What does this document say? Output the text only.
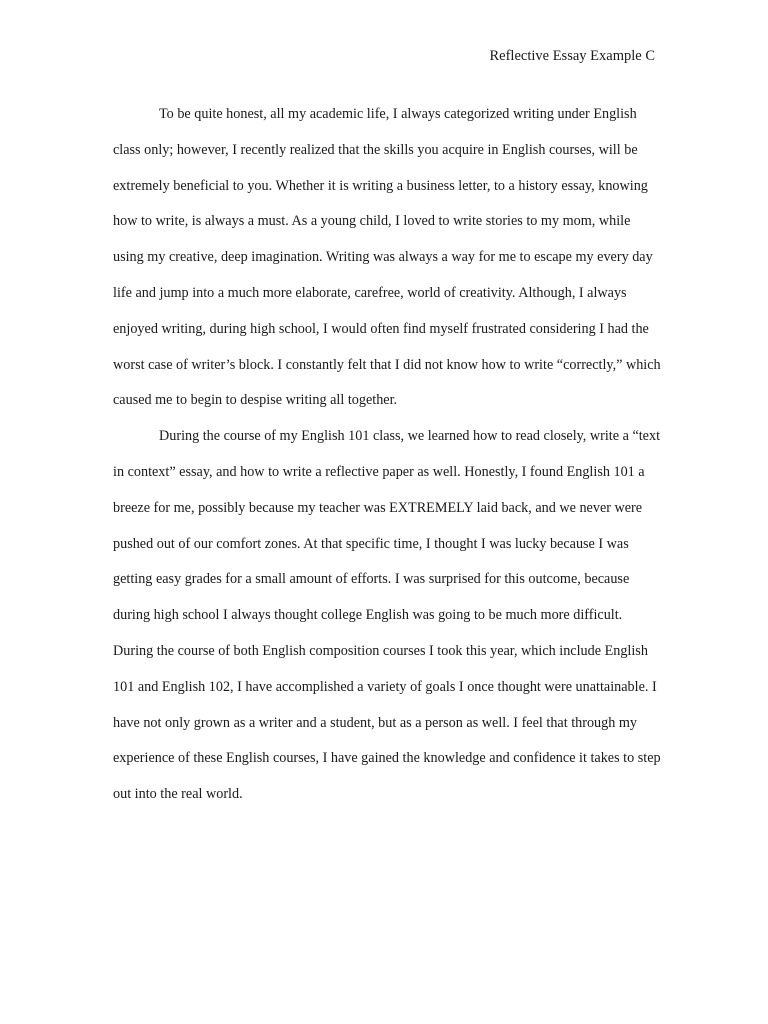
Reflective Essay Example C

To be quite honest, all my academic life, I always categorized writing under English class only; however, I recently realized that the skills you acquire in English courses, will be extremely beneficial to you. Whether it is writing a business letter, to a history essay, knowing how to write, is always a must. As a young child, I loved to write stories to my mom, while using my creative, deep imagination. Writing was always a way for me to escape my every day life and jump into a much more elaborate, carefree, world of creativity. Although, I always enjoyed writing, during high school, I would often find myself frustrated considering I had the worst case of writer’s block. I constantly felt that I did not know how to write “correctly,” which caused me to begin to despise writing all together.

During the course of my English 101 class, we learned how to read closely, write a “text in context” essay, and how to write a reflective paper as well. Honestly, I found English 101 a breeze for me, possibly because my teacher was EXTREMELY laid back, and we never were pushed out of our comfort zones. At that specific time, I thought I was lucky because I was getting easy grades for a small amount of efforts. I was surprised for this outcome, because during high school I always thought college English was going to be much more difficult.

During the course of both English composition courses I took this year, which include English 101 and English 102, I have accomplished a variety of goals I once thought were unattainable. I have not only grown as a writer and a student, but as a person as well. I feel that through my experience of these English courses, I have gained the knowledge and confidence it takes to step out into the real world.
